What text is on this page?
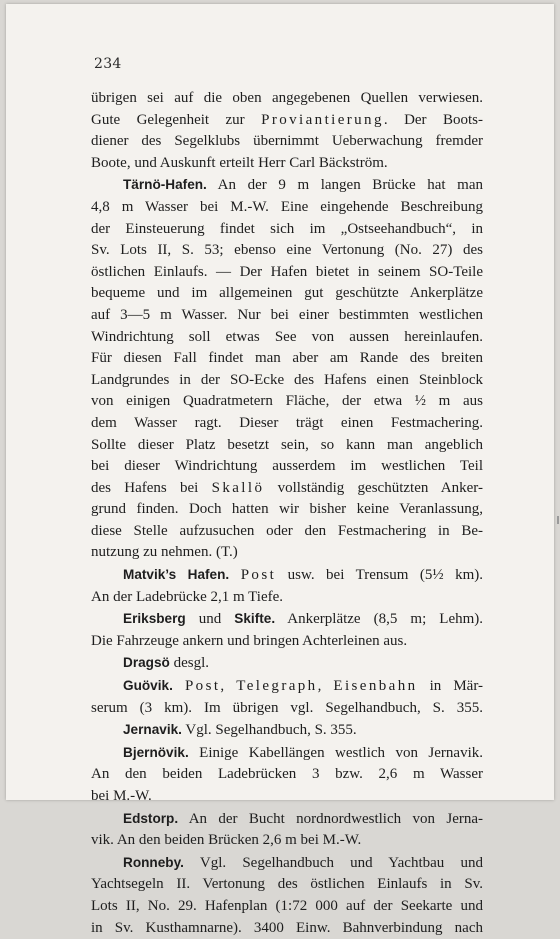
234
übrigen sei auf die oben angegebenen Quellen verwiesen.
Gute Gelegenheit zur Proviantierung. Der Boots-
diener des Segelklubs übernimmt Ueberwachung fremder
Boote, und Auskunft erteilt Herr Carl Bäckström.
Tärnö-Hafen. An der 9 m langen Brücke hat man
4,8 m Wasser bei M.-W. Eine eingehende Beschreibung
der Einsteuerung findet sich im „Ostseehandbuch“, in
Sv. Lots II, S. 53; ebenso eine Vertonung (No. 27) des
östlichen Einlaufs. — Der Hafen bietet in seinem SO-Teile
bequeme und im allgemeinen gut geschützte Ankerplätze
auf 3—5 m Wasser. Nur bei einer bestimmten westlichen
Windrichtung soll etwas See von aussen hereinlaufen.
Für diesen Fall findet man aber am Rande des breiten
Landgrundes in der SO-Ecke des Hafens einen Steinblock
von einigen Quadratmetern Fläche, der etwa ½ m aus
dem Wasser ragt. Dieser trägt einen Festmachering.
Sollte dieser Platz besetzt sein, so kann man angeblich
bei dieser Windrichtung ausserdem im westlichen Teil
des Hafens bei Skallö vollständig geschützten Anker-
grund finden. Doch hatten wir bisher keine Veranlassung,
diese Stelle aufzusuchen oder den Festmachering in Be-
nutzung zu nehmen. (T.)
Matvik’s Hafen. Post usw. bei Trensum (5½ km).
An der Ladebrücke 2,1 m Tiefe.
Eriksberg und Skifte. Ankerplätze (8,5 m; Lehm).
Die Fahrzeuge ankern und bringen Achterleinen aus.
Dragsö desgl.
Guövik. Post, Telegraph, Eisenbahn in Mär-
serum (3 km). Im übrigen vgl. Segelhandbuch, S. 355.
Jernavik. Vgl. Segelhandbuch, S. 355.
Bjernövik. Einige Kabellängen westlich von Jernavik.
An den beiden Ladebrücken 3 bzw. 2,6 m Wasser
bei M.-W.
Edstorp. An der Bucht nordnordwestlich von Jerna-
vik. An den beiden Brücken 2,6 m bei M.-W.
Ronneby. Vgl. Segelhandbuch und Yachtbau und
Yachtsegeln II. Vertonung des östlichen Einlaufs in Sv.
Lots II, No. 29. Hafenplan (1:72 000 auf der Seekarte und
in Sv. Kusthamnarne). 3400 Einw. Bahnverbindung nach
